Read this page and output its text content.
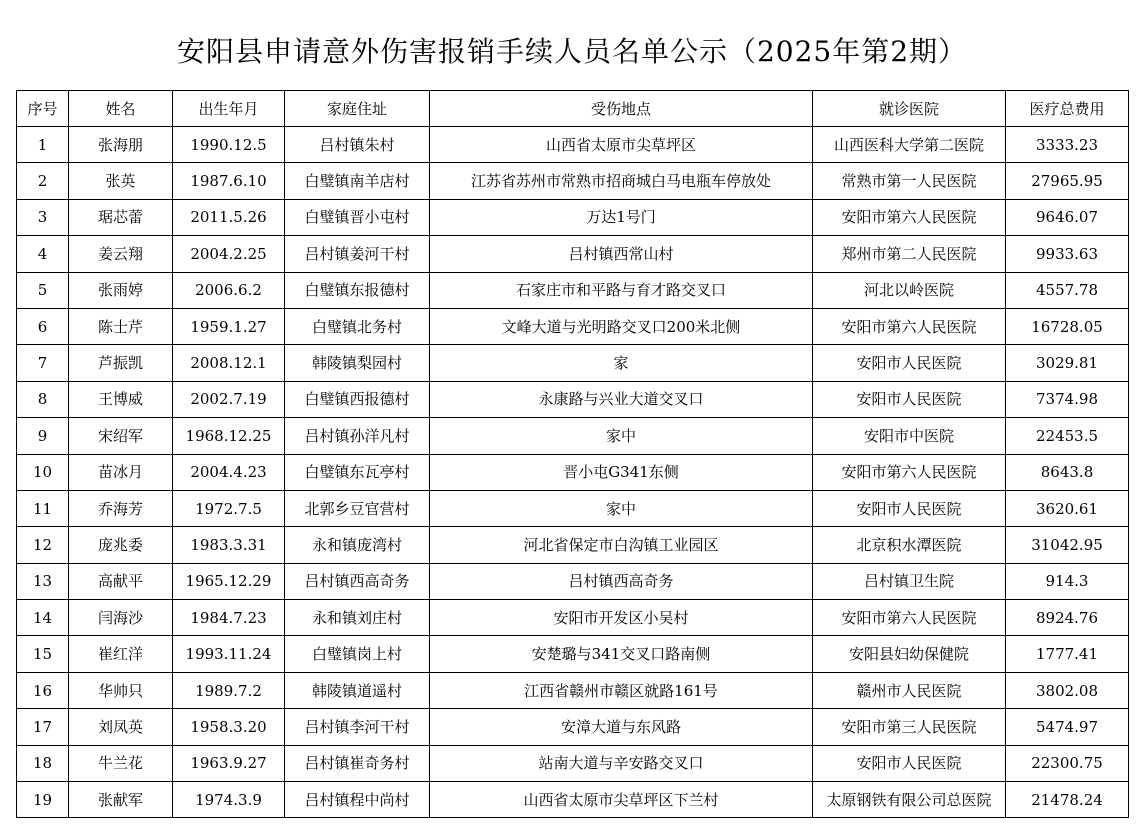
安阳县申请意外伤害报销手续人员名单公示（2025年第2期）
序号	姓名	出生年月	家庭住址	受伤地点	就诊医院	医疗总费用
1	张海朋	1990.12.5	吕村镇朱村	山西省太原市尖草坪区	山西医科大学第二医院	3333.23
2	张英	1987.6.10	白璧镇南羊店村	江苏省苏州市常熟市招商城白马电瓶车停放处	常熟市第一人民医院	27965.95
3	琚芯蕾	2011.5.26	白璧镇晋小屯村	万达1号门	安阳市第六人民医院	9646.07
4	姜云翔	2004.2.25	吕村镇姜河干村	吕村镇西常山村	郑州市第二人民医院	9933.63
5	张雨婷	2006.6.2	白璧镇东报德村	石家庄市和平路与育才路交叉口	河北以岭医院	4557.78
6	陈士芹	1959.1.27	白璧镇北务村	文峰大道与光明路交叉口200米北侧	安阳市第六人民医院	16728.05
7	芦振凯	2008.12.1	韩陵镇梨园村	家	安阳市人民医院	3029.81
8	王博威	2002.7.19	白璧镇西报德村	永康路与兴业大道交叉口	安阳市人民医院	7374.98
9	宋绍军	1968.12.25	吕村镇孙洋凡村	家中	安阳市中医院	22453.5
10	苗冰月	2004.4.23	白璧镇东瓦亭村	晋小屯G341东侧	安阳市第六人民医院	8643.8
11	乔海芳	1972.7.5	北郭乡豆官营村	家中	安阳市人民医院	3620.61
12	庞兆委	1983.3.31	永和镇庞湾村	河北省保定市白沟镇工业园区	北京积水潭医院	31042.95
13	高献平	1965.12.29	吕村镇西高奇务	吕村镇西高奇务	吕村镇卫生院	914.3
14	闫海沙	1984.7.23	永和镇刘庄村	安阳市开发区小吴村	安阳市第六人民医院	8924.76
15	崔红洋	1993.11.24	白璧镇岗上村	安楚璐与341交叉口路南侧	安阳县妇幼保健院	1777.41
16	华帅只	1989.7.2	韩陵镇道遥村	江西省赣州市赣区就路161号	赣州市人民医院	3802.08
17	刘凤英	1958.3.20	吕村镇李河干村	安漳大道与东风路	安阳市第三人民医院	5474.97
18	牛兰花	1963.9.27	吕村镇崔奇务村	站南大道与辛安路交叉口	安阳市人民医院	22300.75
19	张献军	1974.3.9	吕村镇程中尚村	山西省太原市尖草坪区下兰村	太原钢铁有限公司总医院	21478.24
